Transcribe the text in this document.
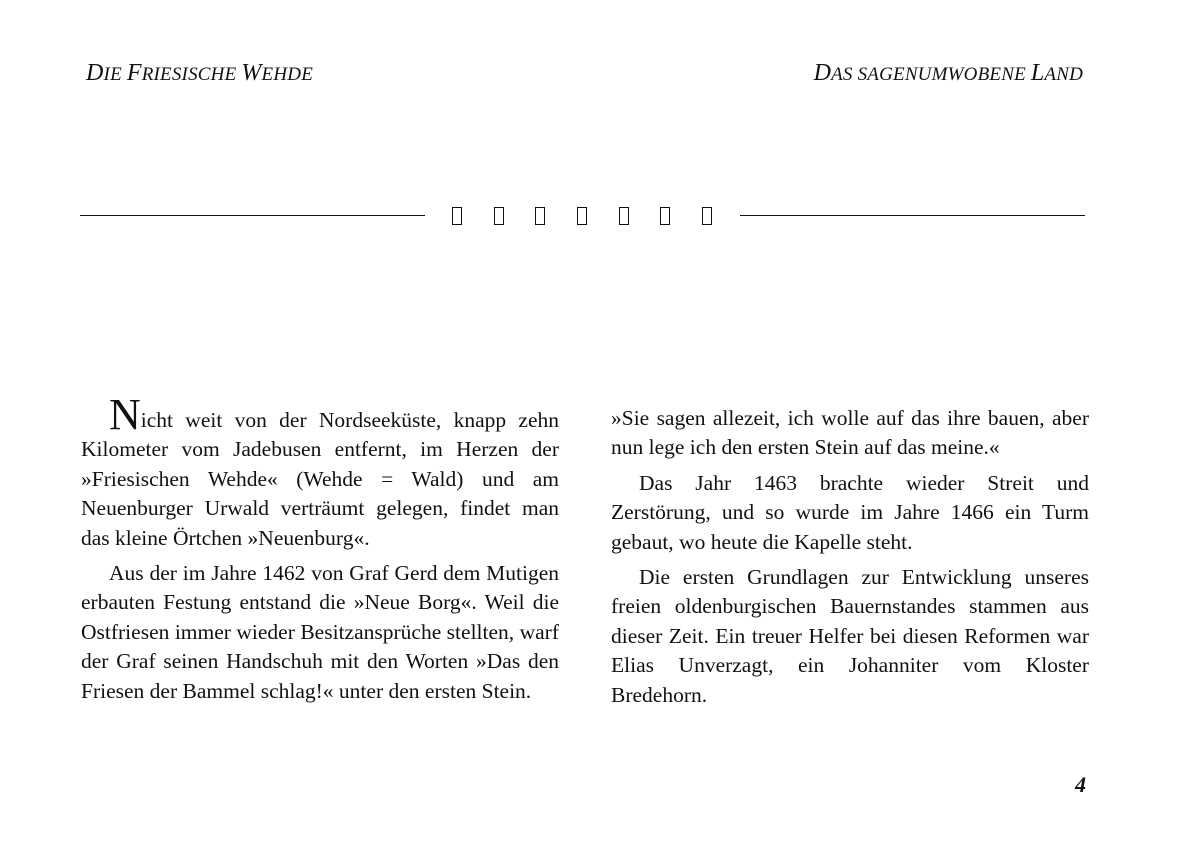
DIE FRIESISCHE WEHDE	DAS SAGENUMWOBENE LAND

Nicht weit von der Nordseeküste, knapp zehn Kilometer vom Jadebusen entfernt, im Herzen der »Friesischen Wehde« (Wehde = Wald) und am Neuenburger Urwald verträumt gelegen, findet man das kleine Örtchen »Neuenburg«.

Aus der im Jahre 1462 von Graf Gerd dem Mutigen erbauten Festung entstand die »Neue Borg«. Weil die Ostfriesen immer wieder Besitzansprüche stellten, warf der Graf seinen Handschuh mit den Worten »Das den Friesen der Bammel schlag!« unter den ersten Stein.

»Sie sagen allezeit, ich wolle auf das ihre bauen, aber nun lege ich den ersten Stein auf das meine.«

Das Jahr 1463 brachte wieder Streit und Zerstörung, und so wurde im Jahre 1466 ein Turm gebaut, wo heute die Kapelle steht.

Die ersten Grundlagen zur Entwicklung unseres freien oldenburgischen Bauernstandes stammen aus dieser Zeit. Ein treuer Helfer bei diesen Reformen war Elias Unverzagt, ein Johanniter vom Kloster Bredehorn.

4
